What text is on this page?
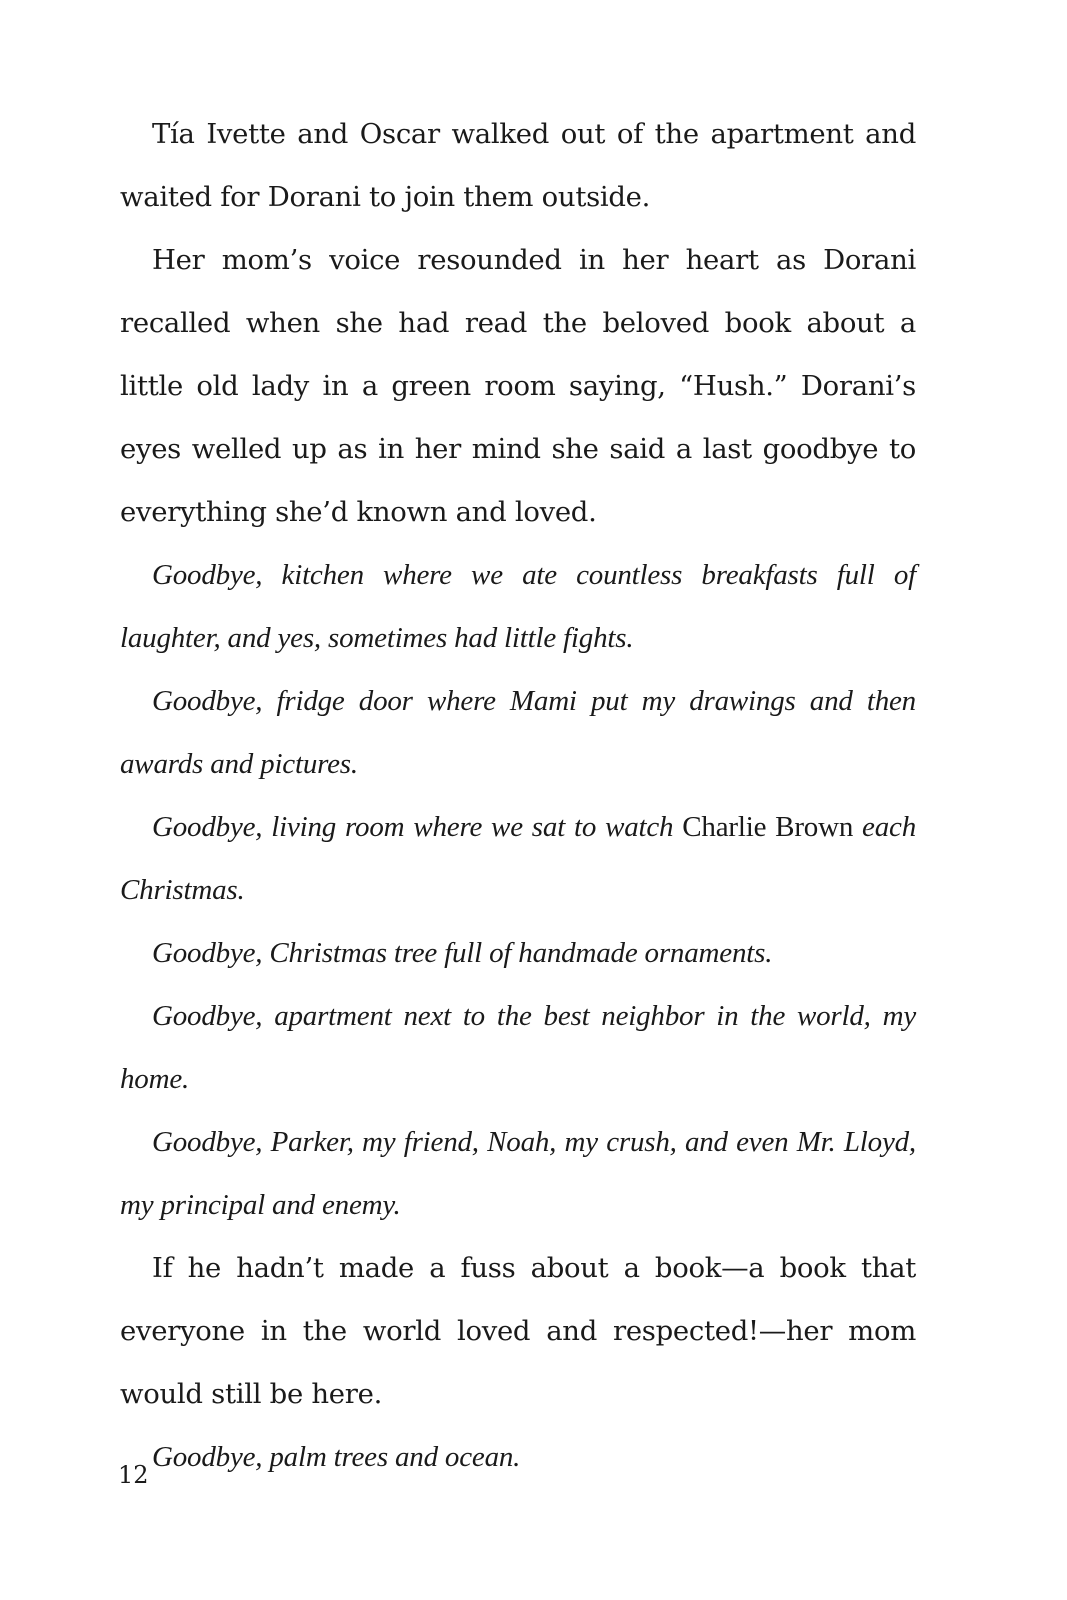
Tía Ivette and Oscar walked out of the apartment and waited for Dorani to join them outside.

Her mom’s voice resounded in her heart as Dorani recalled when she had read the beloved book about a little old lady in a green room saying, “Hush.” Dorani’s eyes welled up as in her mind she said a last goodbye to everything she’d known and loved.

Goodbye, kitchen where we ate countless breakfasts full of laughter, and yes, sometimes had little fights.

Goodbye, fridge door where Mami put my drawings and then awards and pictures.

Goodbye, living room where we sat to watch Charlie Brown each Christmas.

Goodbye, Christmas tree full of handmade ornaments.

Goodbye, apartment next to the best neighbor in the world, my home.

Goodbye, Parker, my friend, Noah, my crush, and even Mr. Lloyd, my principal and enemy.

If he hadn’t made a fuss about a book—a book that everyone in the world loved and respected!—her mom would still be here.

Goodbye, palm trees and ocean.

12
